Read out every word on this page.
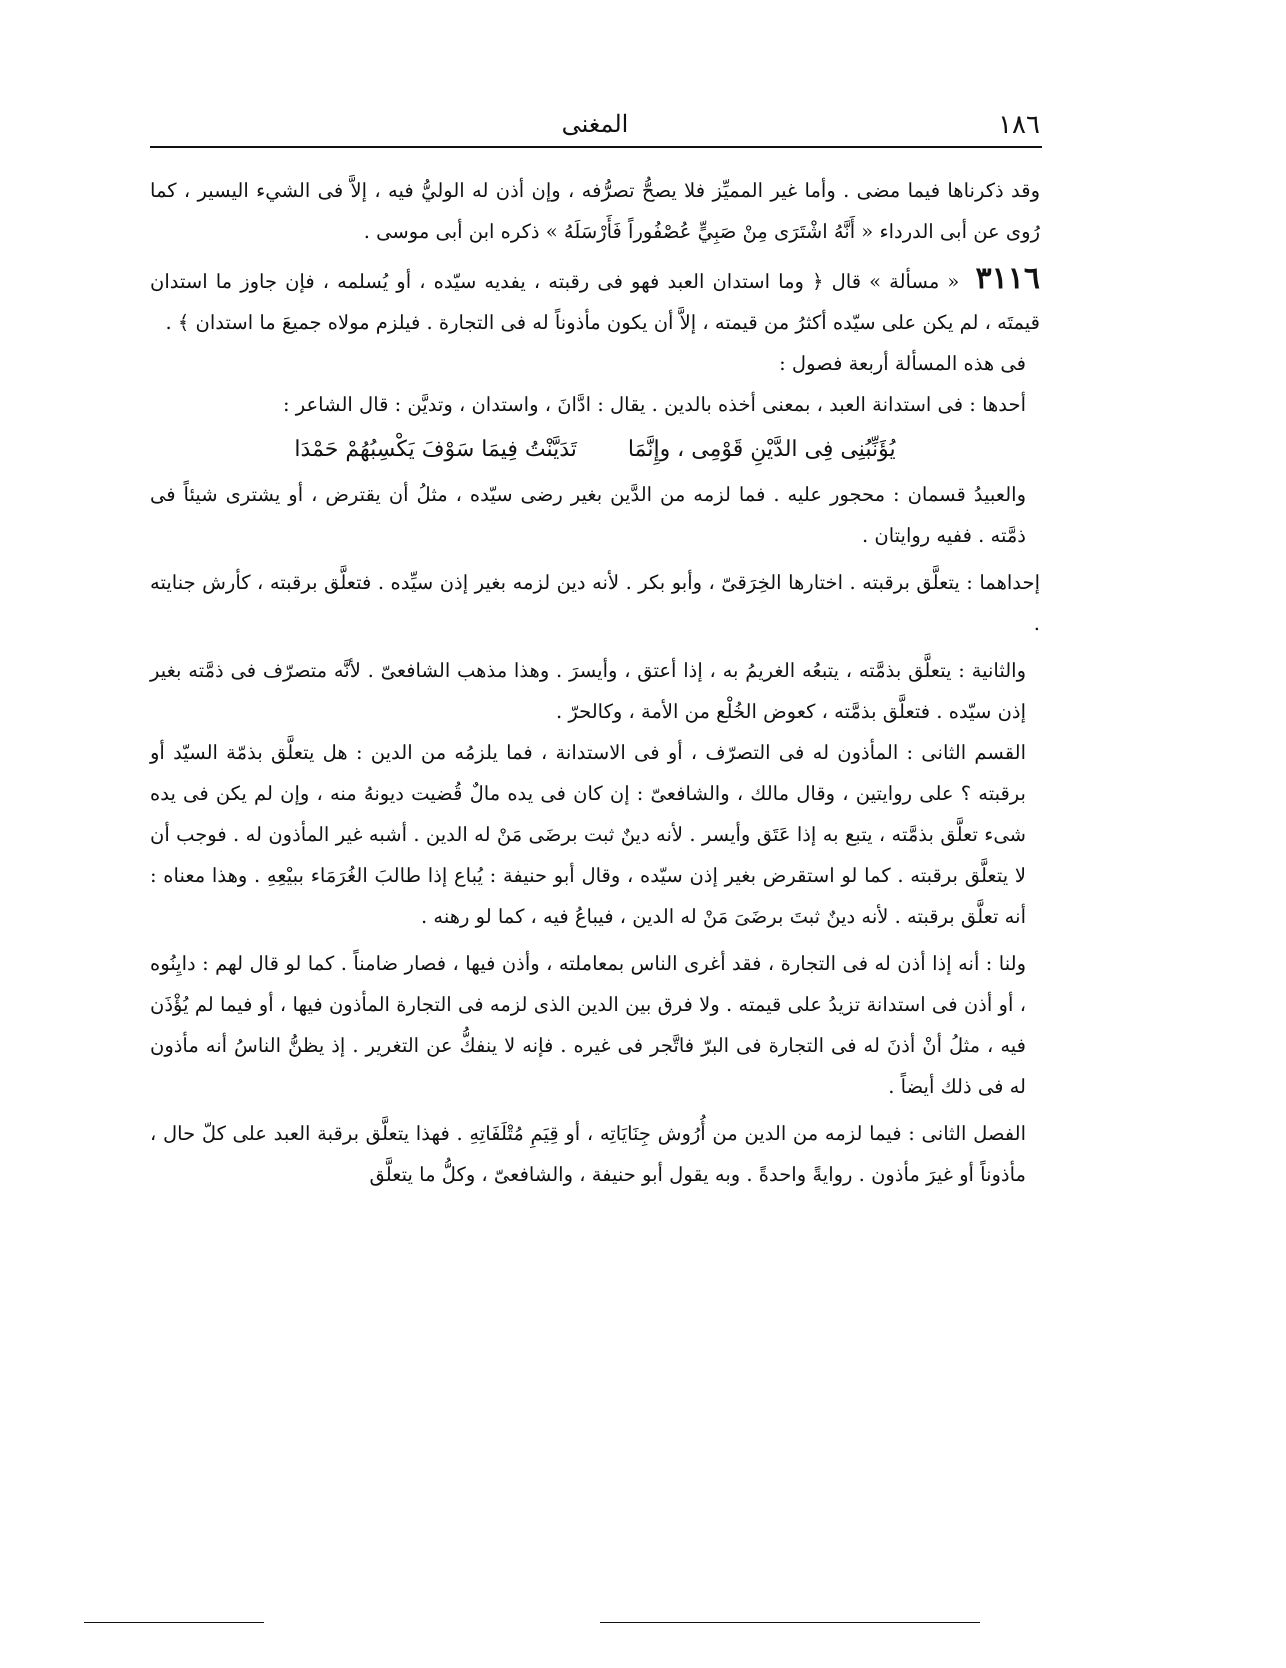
١٨٦
المغنى

وقد ذكرناها فيما مضى . وأما غير المميِّز فلا يصحُّ تصرُّفه ، وإن أذن له الوليُّ فيه ، إلاَّ فى الشيء اليسير ، كما رُوى عن أبى الدرداء « أَنَّهُ اشْتَرَى مِنْ صَبِيٍّ عُصْفُوراً فَأَرْسَلَهُ » ذكره ابن أبى موسى .

٣١١٦  « مسألة » قال ﴿ وما استدان العبد فهو فى رقبته ، يفديه سيّده ، أو يُسلمه ، فإن جاوز ما استدان قيمتَه ، لم يكن على سيّده أكثرُ من قيمته ، إلاَّ أن يكون مأذوناً له فى التجارة . فيلزم مولاه جميعَ ما استدان ﴾ .

فى هذه المسألة أربعة فصول :

أحدها : فى استدانة العبد ، بمعنى أخذه بالدين . يقال : ادَّانَ ، واستدان ، وتديَّن : قال الشاعر :

يُؤَنِّبُنِى فِى الدَّيْنِ قَوْمِى ، وإِنَّمَا تَدَيَّنْتُ فِيمَا سَوْفَ يَكْسِبُهُمْ حَمْدَا

والعبيدُ قسمان : محجور عليه . فما لزمه من الدَّين بغير رضى سيّده ، مثلُ أن يقترض ، أو يشترى شيئاً فى ذمَّته . ففيه روايتان .

إحداهما : يتعلَّق برقبته . اختارها الخِرَقىّ ، وأبو بكر . لأنه دين لزمه بغير إذن سيِّده . فتعلَّق برقبته ، كأرش جنايته .

والثانية : يتعلَّق بذمَّته ، يتبعُه الغريمُ به ، إذا أعتق ، وأيسرَ . وهذا مذهب الشافعىّ . لأنَّه متصرّف فى ذمَّته بغير إذن سيّده . فتعلَّق بذمَّته ، كعوض الخُلْع من الأمة ، وكالحرّ .

القسم الثانى : المأذون له فى التصرّف ، أو فى الاستدانة ، فما يلزمُه من الدين : هل يتعلَّق بذمّة السيّد أو برقبته ؟ على روايتين ، وقال مالك ، والشافعىّ : إن كان فى يده مالٌ قُضيت ديونهُ منه ، وإن لم يكن فى يده شىء تعلَّق بذمَّته ، يتبع به إذا عَتَق وأيسر . لأنه دينٌ ثبت برضَى مَنْ له الدين . أشبه غير المأذون له . فوجب أن لا يتعلَّق برقبته . كما لو استقرض بغير إذن سيّده ، وقال أبو حنيفة : يُباع إذا طالبَ الغُرَمَاء ببيْعِهِ . وهذا معناه : أنه تعلَّق برقبته . لأنه دينٌ ثبتَ برضَىَ مَنْ له الدين ، فيباعُ فيه ، كما لو رهنه .

ولنا : أنه إذا أذن له فى التجارة ، فقد أغرى الناس بمعاملته ، وأذن فيها ، فصار ضامناً . كما لو قال لهم : دايِنُوه ، أو أذن فى استدانة تزيدُ على قيمته . ولا فرق بين الدين الذى لزمه فى التجارة المأذون فيها ، أو فيما لم يُؤْذَن فيه ، مثلُ أنْ أذنَ له فى التجارة فى البرّ فاتَّجر فى غيره . فإنه لا ينفكُّ عن التغرير . إذ يظنُّ الناسُ أنه مأذون له فى ذلك أيضاً .

الفصل الثانى : فيما لزمه من الدين من أُرُوش جِنَايَاتِه ، أو قِيَمِ مُتْلَفَاتِهِ . فهذا يتعلَّق برقبة العبد على كلّ حال ، مأذوناً أو غيرَ مأذون . روايةً واحدةً . وبه يقول أبو حنيفة ، والشافعىّ ، وكلُّ ما يتعلَّق
